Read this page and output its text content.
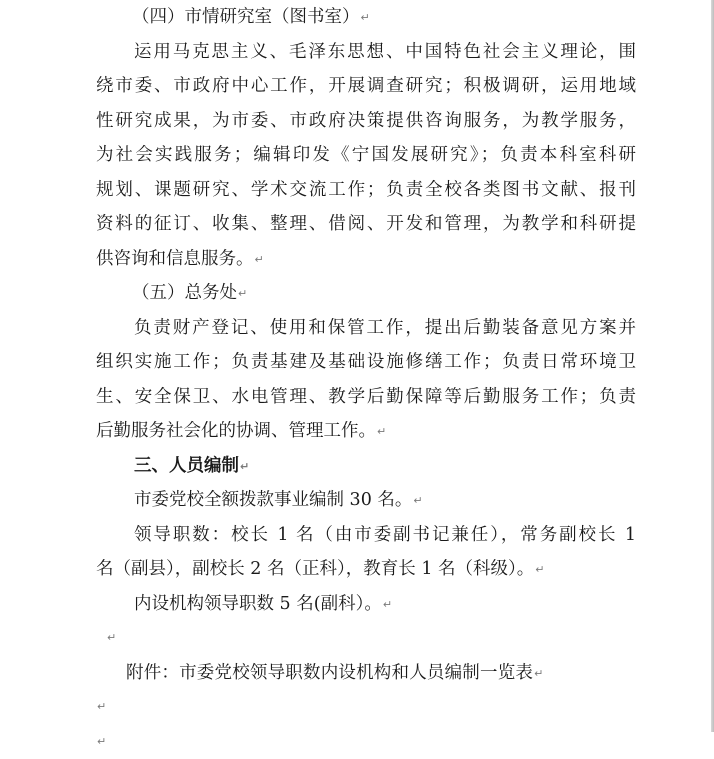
（四）市情研究室（图书室）↵
运用马克思主义、毛泽东思想、中国特色社会主义理论，围
绕市委、市政府中心工作，开展调查研究；积极调研，运用地域
性研究成果，为市委、市政府决策提供咨询服务，为教学服务，
为社会实践服务；编辑印发《宁国发展研究》；负责本科室科研
规划、课题研究、学术交流工作；负责全校各类图书文献、报刊
资料的征订、收集、整理、借阅、开发和管理，为教学和科研提
供咨询和信息服务。↵
（五）总务处↵
负责财产登记、使用和保管工作，提出后勤装备意见方案并
组织实施工作；负责基建及基础设施修缮工作；负责日常环境卫
生、安全保卫、水电管理、教学后勤保障等后勤服务工作；负责
后勤服务社会化的协调、管理工作。↵
三、人员编制↵
市委党校全额拨款事业编制 30 名。↵
领导职数：校长 1 名（由市委副书记兼任），常务副校长 1
名（副县），副校长 2 名（正科），教育长 1 名（科级）。↵
内设机构领导职数 5 名(副科）。↵
↵
附件：市委党校领导职数内设机构和人员编制一览表↵
↵
↵
